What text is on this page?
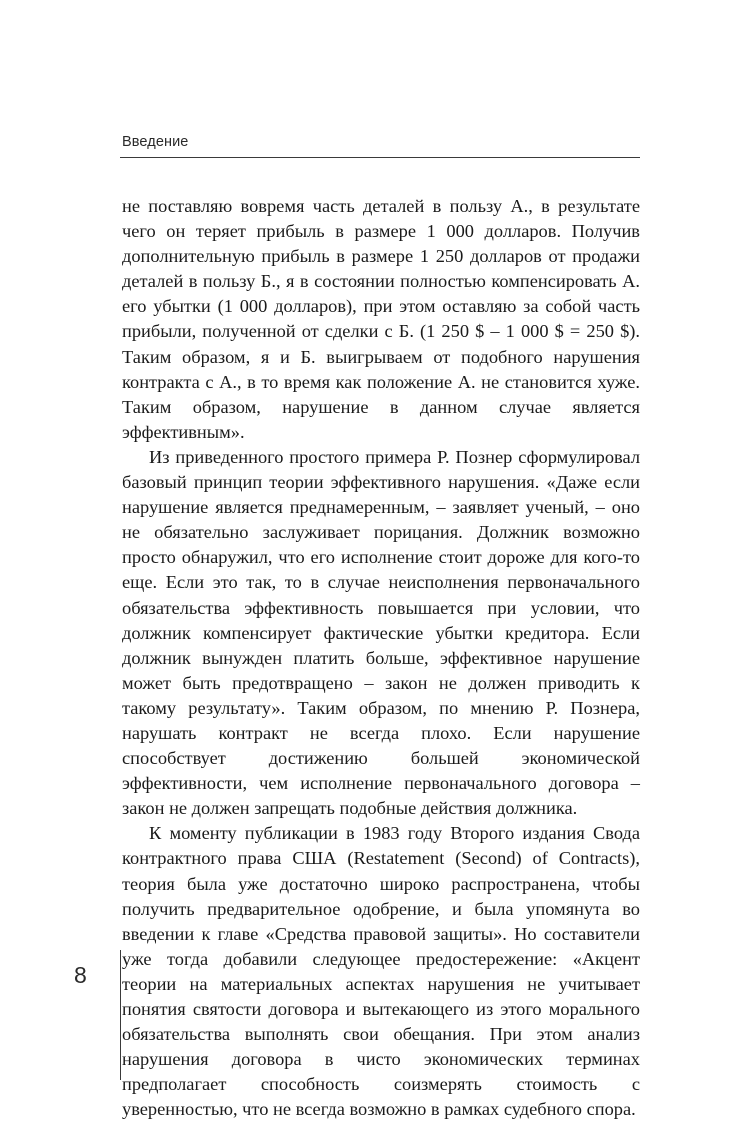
Введение

не поставляю вовремя часть деталей в пользу А., в результате чего он теряет прибыль в размере 1 000 долларов. Получив дополнительную прибыль в размере 1 250 долларов от продажи деталей в пользу Б., я в состоянии полностью компенсировать А. его убытки (1 000 долларов), при этом оставляю за собой часть прибыли, полученной от сделки с Б. (1 250 $ – 1 000 $ = 250 $). Таким образом, я и Б. выигрываем от подобного нарушения контракта с А., в то время как положение А. не становится хуже. Таким образом, нарушение в данном случае является эффективным».

Из приведенного простого примера Р. Познер сформулировал базовый принцип теории эффективного нарушения. «Даже если нарушение является преднамеренным, – заявляет ученый, – оно не обязательно заслуживает порицания. Должник возможно просто обнаружил, что его исполнение стоит дороже для кого-то еще. Если это так, то в случае неисполнения первоначального обязательства эффективность повышается при условии, что должник компенсирует фактические убытки кредитора. Если должник вынужден платить больше, эффективное нарушение может быть предотвращено – закон не должен приводить к такому результату». Таким образом, по мнению Р. Познера, нарушать контракт не всегда плохо. Если нарушение способствует достижению большей экономической эффективности, чем исполнение первоначального договора – закон не должен запрещать подобные действия должника.

К моменту публикации в 1983 году Второго издания Свода контрактного права США (Restatement (Second) of Contracts), теория была уже достаточно широко распространена, чтобы получить предварительное одобрение, и была упомянута во введении к главе «Средства правовой защиты». Но составители уже тогда добавили следующее предостережение: «Акцент теории на материальных аспектах нарушения не учитывает понятия святости договора и вытекающего из этого морального обязательства выполнять свои обещания. При этом анализ нарушения договора в чисто экономических терминах предполагает способность соизмерять стоимость с уверенностью, что не всегда возможно в рамках судебного спора.

8
